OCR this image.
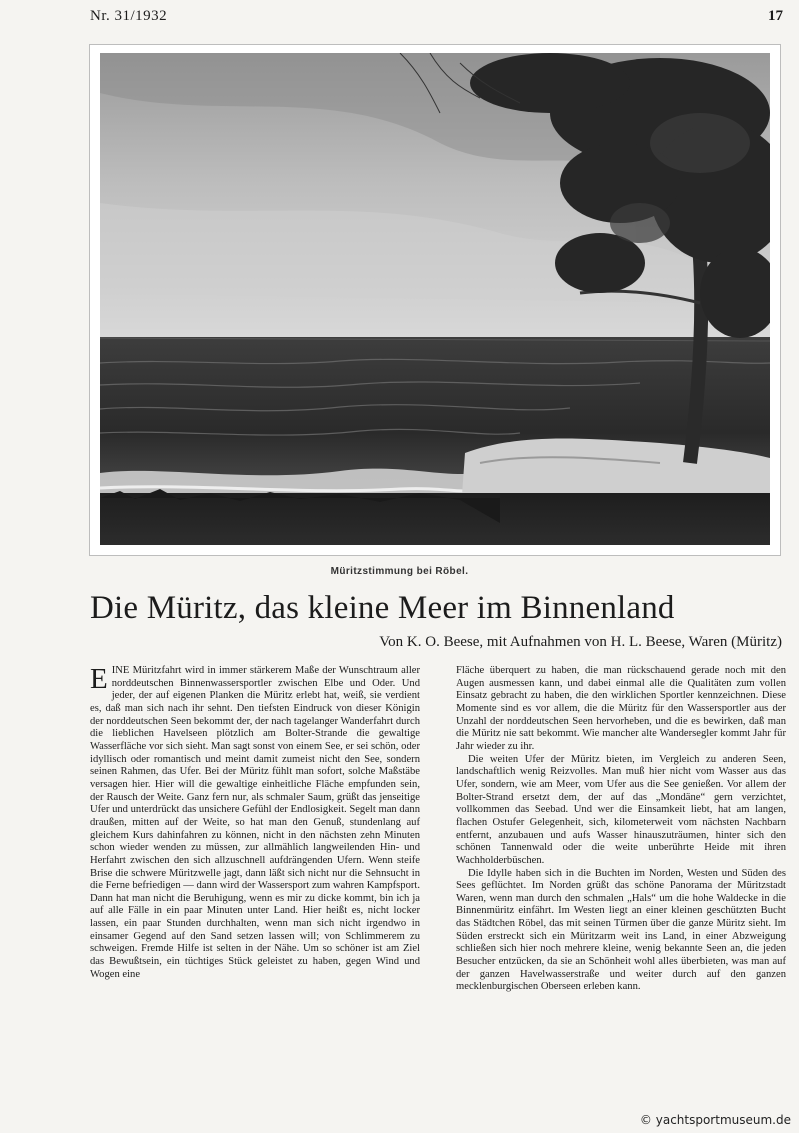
Nr. 31/1932	17
Müritzstimmung bei Röbel.
Die Müritz, das kleine Meer im Binnenland
Von K. O. Beese, mit Aufnahmen von H. L. Beese, Waren (Müritz)

EINE Müritzfahrt wird in immer stärkerem Maße der Wunschtraum aller norddeutschen Binnenwassersportler zwischen Elbe und Oder. Und jeder, der auf eigenen Planken die Müritz erlebt hat, weiß, sie verdient es, daß man sich nach ihr sehnt. Den tiefsten Eindruck von dieser Königin der norddeutschen Seen bekommt der, der nach tagelanger Wanderfahrt durch die lieblichen Havelseen plötzlich am Bolter-Strande die gewaltige Wasserfläche vor sich sieht. Man sagt sonst von einem See, er sei schön, oder idyllisch oder romantisch und meint damit zumeist nicht den See, sondern seinen Rahmen, das Ufer. Bei der Müritz fühlt man sofort, solche Maßstäbe versagen hier. Hier will die gewaltige einheitliche Fläche empfunden sein, der Rausch der Weite. Ganz fern nur, als schmaler Saum, grüßt das jenseitige Ufer und unterdrückt das unsichere Gefühl der Endlosigkeit. Segelt man dann draußen, mitten auf der Weite, so hat man den Genuß, stundenlang auf gleichem Kurs dahinfahren zu können, nicht in den nächsten zehn Minuten schon wieder wenden zu müssen, zur allmählich langweilenden Hin- und Herfahrt zwischen den sich allzuschnell aufdrängenden Ufern. Wenn steife Brise die schwere Müritzwelle jagt, dann läßt sich nicht nur die Sehnsucht in die Ferne befriedigen — dann wird der Wassersport zum wahren Kampfsport. Dann hat man nicht die Beruhigung, wenn es mir zu dicke kommt, bin ich ja auf alle Fälle in ein paar Minuten unter Land. Hier heißt es, nicht locker lassen, ein paar Stunden durchhalten, wenn man sich nicht irgendwo in einsamer Gegend auf den Sand setzen lassen will; von Schlimmerem zu schweigen. Fremde Hilfe ist selten in der Nähe. Um so schöner ist am Ziel das Bewußtsein, ein tüchtiges Stück geleistet zu haben, gegen Wind und Wogen eine

Fläche überquert zu haben, die man rückschauend gerade noch mit den Augen ausmessen kann, und dabei einmal alle die Qualitäten zum vollen Einsatz gebracht zu haben, die den wirklichen Sportler kennzeichnen. Diese Momente sind es vor allem, die die Müritz für den Wassersportler aus der Unzahl der norddeutschen Seen hervorheben, und die es bewirken, daß man die Müritz nie satt bekommt. Wie mancher alte Wandersegler kommt Jahr für Jahr wieder zu ihr.

Die weiten Ufer der Müritz bieten, im Vergleich zu anderen Seen, landschaftlich wenig Reizvolles. Man muß hier nicht vom Wasser aus das Ufer, sondern, wie am Meer, vom Ufer aus die See genießen. Vor allem der Bolter-Strand ersetzt dem, der auf das „Mondäne“ gern verzichtet, vollkommen das Seebad. Und wer die Einsamkeit liebt, hat am langen, flachen Ostufer Gelegenheit, sich, kilometerweit vom nächsten Nachbarn entfernt, anzubauen und aufs Wasser hinauszuträumen, hinter sich den schönen Tannenwald oder die weite unberührte Heide mit ihren Wachholderbüschen.

Die Idylle haben sich in die Buchten im Norden, Westen und Süden des Sees geflüchtet. Im Norden grüßt das schöne Panorama der Müritzstadt Waren, wenn man durch den schmalen „Hals“ um die hohe Waldecke in die Binnenmüritz einfährt. Im Westen liegt an einer kleinen geschützten Bucht das Städtchen Röbel, das mit seinen Türmen über die ganze Müritz sieht. Im Süden erstreckt sich ein Müritzarm weit ins Land, in einer Abzweigung schließen sich hier noch mehrere kleine, wenig bekannte Seen an, die jeden Besucher entzücken, da sie an Schönheit wohl alles überbieten, was man auf der ganzen Havelwasserstraße und weiter durch auf den ganzen mecklenburgischen Oberseen erleben kann.

© yachtsportmuseum.de
